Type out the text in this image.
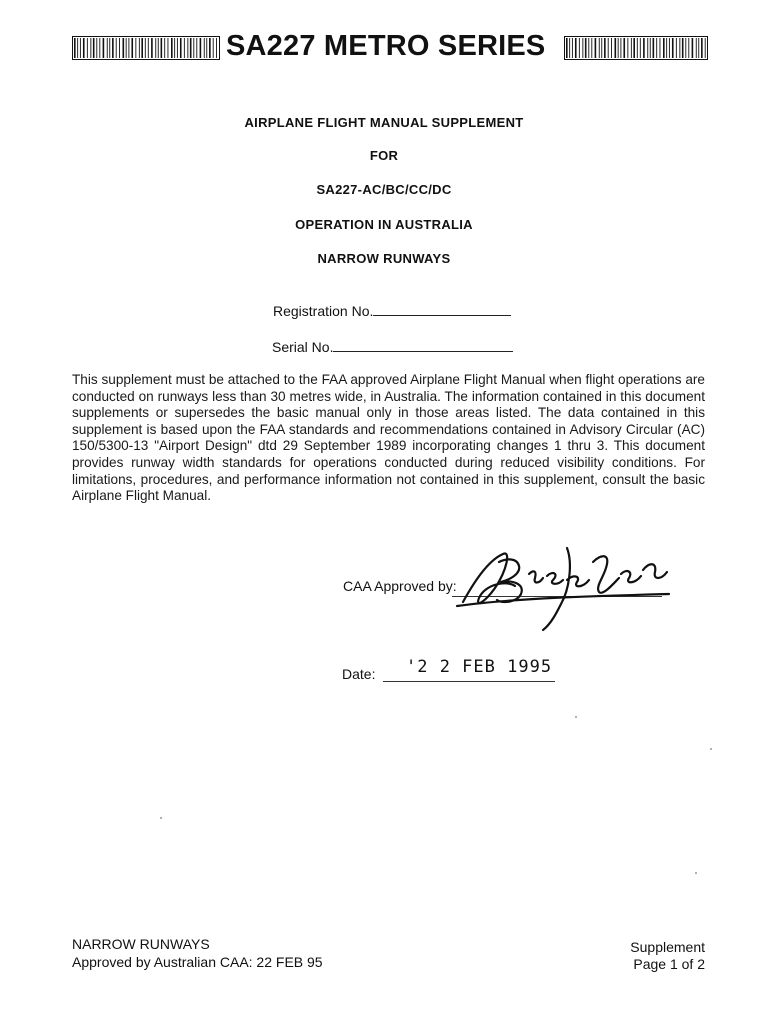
SA227 METRO SERIES
AIRPLANE FLIGHT MANUAL SUPPLEMENT
FOR
SA227-AC/BC/CC/DC
OPERATION IN AUSTRALIA
NARROW RUNWAYS
Registration No.
Serial No.
This supplement must be attached to the FAA approved Airplane Flight Manual when flight operations are conducted on runways less than 30 metres wide, in Australia. The information contained in this document supplements or supersedes the basic manual only in those areas listed. The data contained in this supplement is based upon the FAA standards and recommendations contained in Advisory Circular (AC) 150/5300-13 "Airport Design" dtd 29 September 1989 incorporating changes 1 thru 3. This document provides runway width standards for operations conducted during reduced visibility conditions. For limitations, procedures, and performance information not contained in this supplement, consult the basic Airplane Flight Manual.
CAA Approved by:
Date: '2 2 FEB 1995
NARROW RUNWAYS
Approved by Australian CAA: 22 FEB 95
Supplement
Page 1 of 2
